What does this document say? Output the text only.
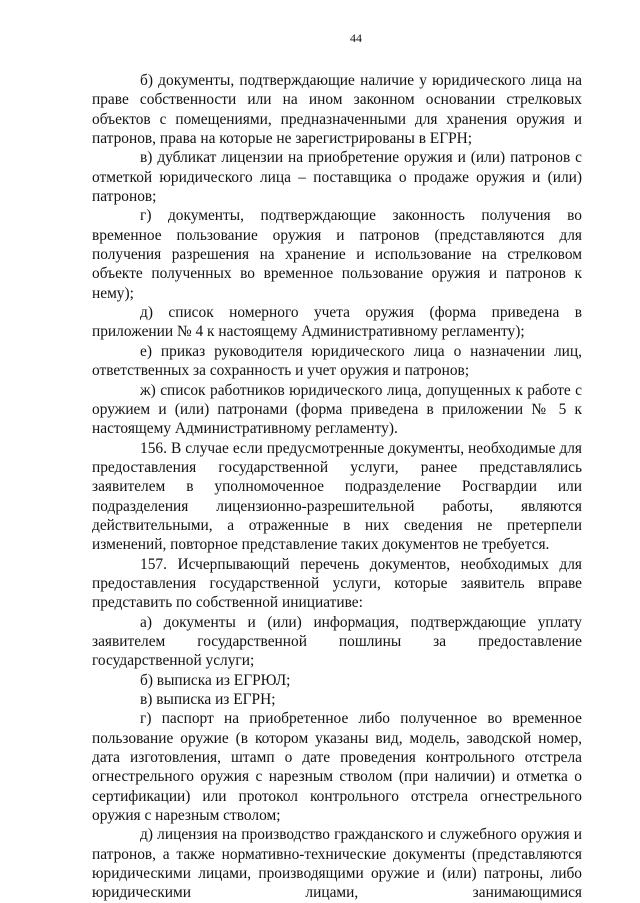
44

б) документы, подтверждающие наличие у юридического лица на праве собственности или на ином законном основании стрелковых объектов с помещениями, предназначенными для хранения оружия и патронов, права на которые не зарегистрированы в ЕГРН;

в) дубликат лицензии на приобретение оружия и (или) патронов с отметкой юридического лица – поставщика о продаже оружия и (или) патронов;

г) документы, подтверждающие законность получения во временное пользование оружия и патронов (представляются для получения разрешения на хранение и использование на стрелковом объекте полученных во временное пользование оружия и патронов к нему);

д) список номерного учета оружия (форма приведена в приложении № 4 к настоящему Административному регламенту);

е) приказ руководителя юридического лица о назначении лиц, ответственных за сохранность и учет оружия и патронов;

ж) список работников юридического лица, допущенных к работе с оружием и (или) патронами (форма приведена в приложении № 5 к настоящему Административному регламенту).

156. В случае если предусмотренные документы, необходимые для предоставления государственной услуги, ранее представлялись заявителем в уполномоченное подразделение Росгвардии или подразделения лицензионно-разрешительной работы, являются действительными, а отраженные в них сведения не претерпели изменений, повторное представление таких документов не требуется.

157. Исчерпывающий перечень документов, необходимых для предоставления государственной услуги, которые заявитель вправе представить по собственной инициативе:

а) документы и (или) информация, подтверждающие уплату заявителем государственной пошлины за предоставление государственной услуги;

б) выписка из ЕГРЮЛ;

в) выписка из ЕГРН;

г) паспорт на приобретенное либо полученное во временное пользование оружие (в котором указаны вид, модель, заводской номер, дата изготовления, штамп о дате проведения контрольного отстрела огнестрельного оружия с нарезным стволом (при наличии) и отметка о сертификации) или протокол контрольного отстрела огнестрельного оружия с нарезным стволом;

д) лицензия на производство гражданского и служебного оружия и патронов, а также нормативно-технические документы (представляются юридическими лицами, производящими оружие и (или) патроны, либо юридическими лицами, занимающимися
